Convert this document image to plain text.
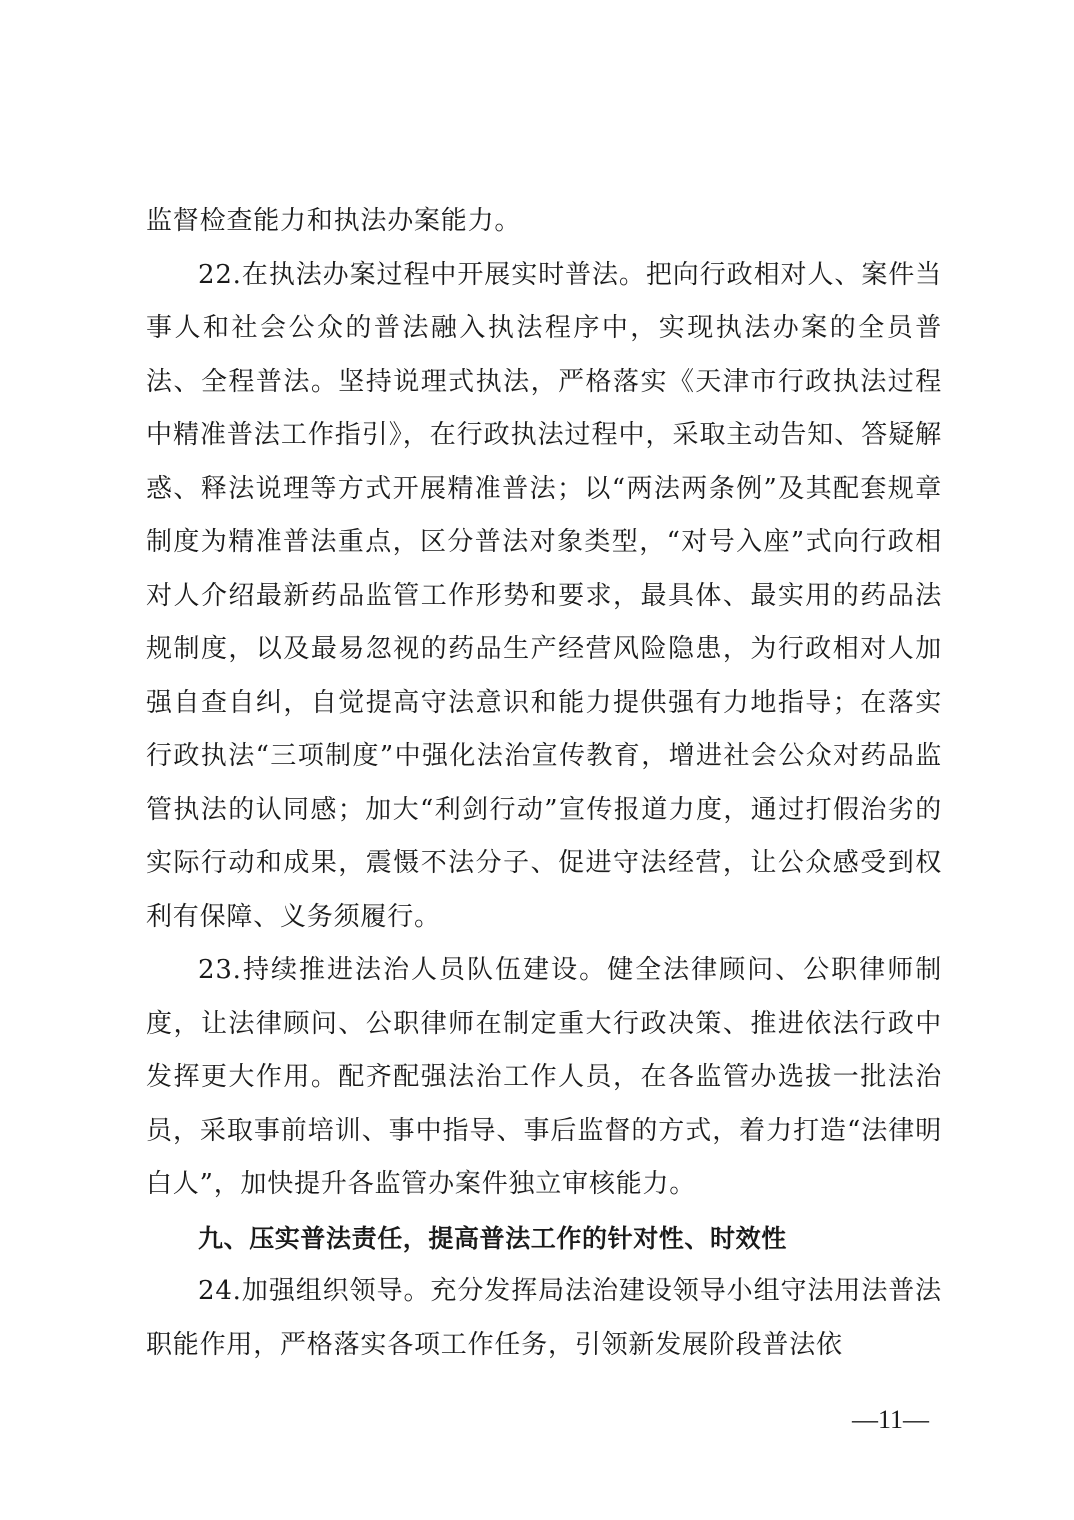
监督检查能力和执法办案能力。

22.在执法办案过程中开展实时普法。把向行政相对人、案件当事人和社会公众的普法融入执法程序中，实现执法办案的全员普法、全程普法。坚持说理式执法，严格落实《天津市行政执法过程中精准普法工作指引》，在行政执法过程中，采取主动告知、答疑解惑、释法说理等方式开展精准普法；以“两法两条例”及其配套规章制度为精准普法重点，区分普法对象类型，“对号入座”式向行政相对人介绍最新药品监管工作形势和要求，最具体、最实用的药品法规制度，以及最易忽视的药品生产经营风险隐患，为行政相对人加强自查自纠，自觉提高守法意识和能力提供强有力地指导；在落实行政执法“三项制度”中强化法治宣传教育，增进社会公众对药品监管执法的认同感；加大“利剑行动”宣传报道力度，通过打假治劣的实际行动和成果，震慑不法分子、促进守法经营，让公众感受到权利有保障、义务须履行。

23.持续推进法治人员队伍建设。健全法律顾问、公职律师制度，让法律顾问、公职律师在制定重大行政决策、推进依法行政中发挥更大作用。配齐配强法治工作人员，在各监管办选拔一批法治员，采取事前培训、事中指导、事后监督的方式，着力打造“法律明白人”，加快提升各监管办案件独立审核能力。

九、压实普法责任，提高普法工作的针对性、时效性

24.加强组织领导。充分发挥局法治建设领导小组守法用法普法职能作用，严格落实各项工作任务，引领新发展阶段普法依

—11—
